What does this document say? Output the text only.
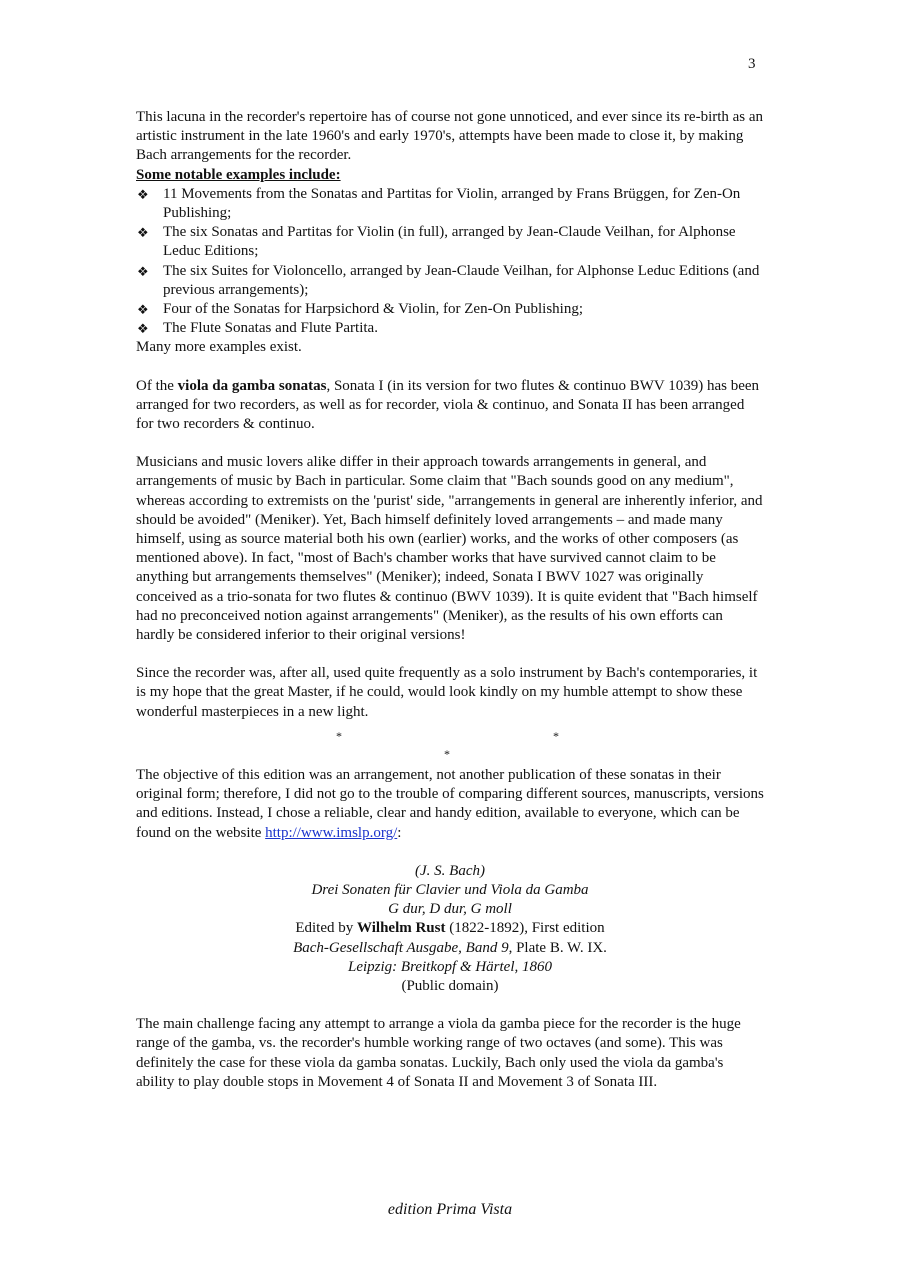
3

This lacuna in the recorder's repertoire has of course not gone unnoticed, and ever since its re-birth as an artistic instrument in the late 1960's and early 1970's, attempts have been made to close it, by making Bach arrangements for the recorder.

Some notable examples include:

❖ 11 Movements from the Sonatas and Partitas for Violin, arranged by Frans Brüggen, for Zen-On Publishing;
❖ The six Sonatas and Partitas for Violin (in full), arranged by Jean-Claude Veilhan, for Alphonse Leduc Editions;
❖ The six Suites for Violoncello, arranged by Jean-Claude Veilhan, for Alphonse Leduc Editions (and previous arrangements);
❖ Four of the Sonatas for Harpsichord & Violin, for Zen-On Publishing;
❖ The Flute Sonatas and Flute Partita.

Many more examples exist.

Of the viola da gamba sonatas, Sonata I (in its version for two flutes & continuo BWV 1039) has been arranged for two recorders, as well as for recorder, viola & continuo, and Sonata II has been arranged for two recorders & continuo.

Musicians and music lovers alike differ in their approach towards arrangements in general, and arrangements of music by Bach in particular. Some claim that "Bach sounds good on any medium", whereas according to extremists on the 'purist' side, "arrangements in general are inherently inferior, and should be avoided" (Meniker). Yet, Bach himself definitely loved arrangements – and made many himself, using as source material both his own (earlier) works, and the works of other composers (as mentioned above). In fact, "most of Bach's chamber works that have survived cannot claim to be anything but arrangements themselves" (Meniker); indeed, Sonata I BWV 1027 was originally conceived as a trio-sonata for two flutes & continuo (BWV 1039). It is quite evident that "Bach himself had no preconceived notion against arrangements" (Meniker), as the results of his own efforts can hardly be considered inferior to their original versions!

Since the recorder was, after all, used quite frequently as a solo instrument by Bach's contemporaries, it is my hope that the great Master, if he could, would look kindly on my humble attempt to show these wonderful masterpieces in a new light.

*	*
*

The objective of this edition was an arrangement, not another publication of these sonatas in their original form; therefore, I did not go to the trouble of comparing different sources, manuscripts, versions and editions. Instead, I chose a reliable, clear and handy edition, available to everyone, which can be found on the website http://www.imslp.org/:

(J. S. Bach)
Drei Sonaten für Clavier und Viola da Gamba
G dur, D dur, G moll
Edited by Wilhelm Rust (1822-1892), First edition
Bach-Gesellschaft Ausgabe, Band 9, Plate B. W. IX.
Leipzig: Breitkopf & Härtel, 1860
(Public domain)

The main challenge facing any attempt to arrange a viola da gamba piece for the recorder is the huge range of the gamba, vs. the recorder's humble working range of two octaves (and some). This was definitely the case for these viola da gamba sonatas. Luckily, Bach only used the viola da gamba's ability to play double stops in Movement 4 of Sonata II and Movement 3 of Sonata III.

edition Prima Vista
